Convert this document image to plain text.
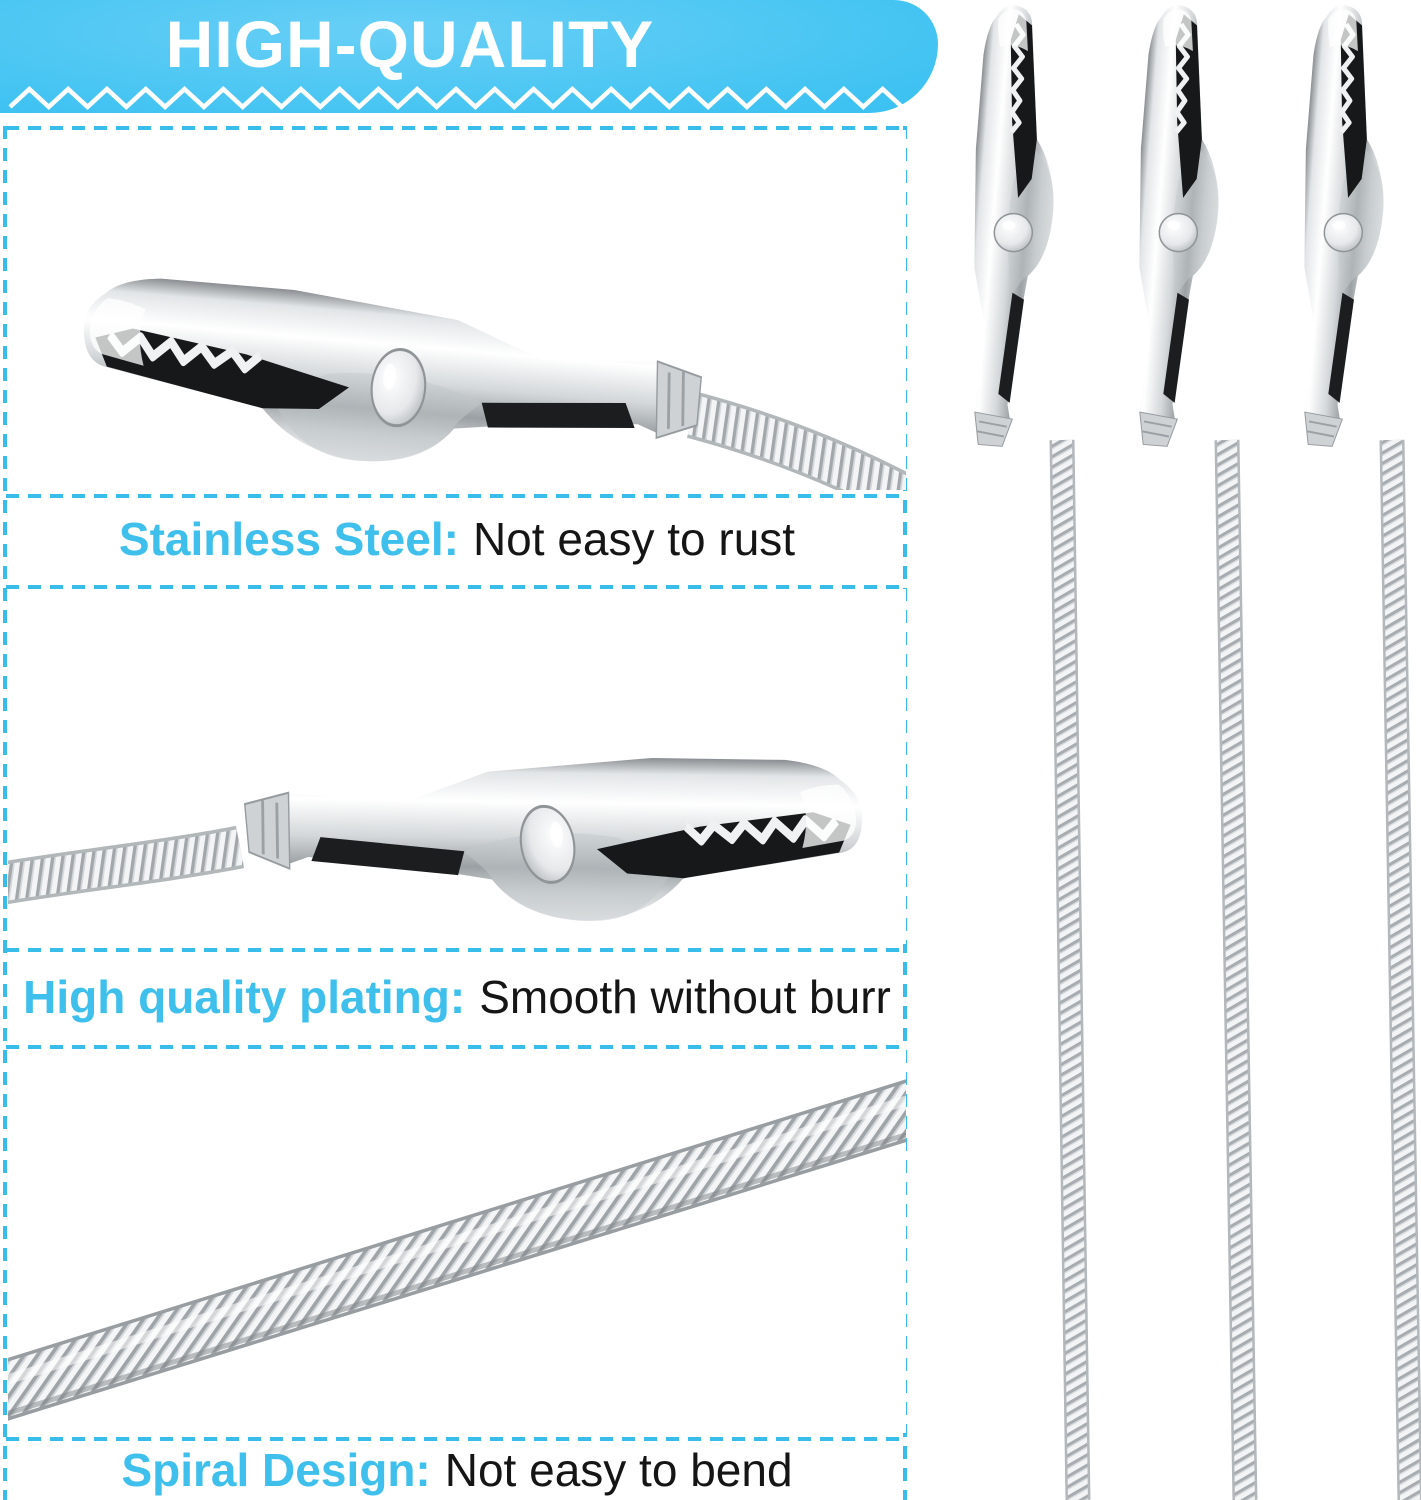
HIGH-QUALITY
Stainless Steel: Not easy to rust
High quality plating: Smooth without burr
Spiral Design: Not easy to bend
